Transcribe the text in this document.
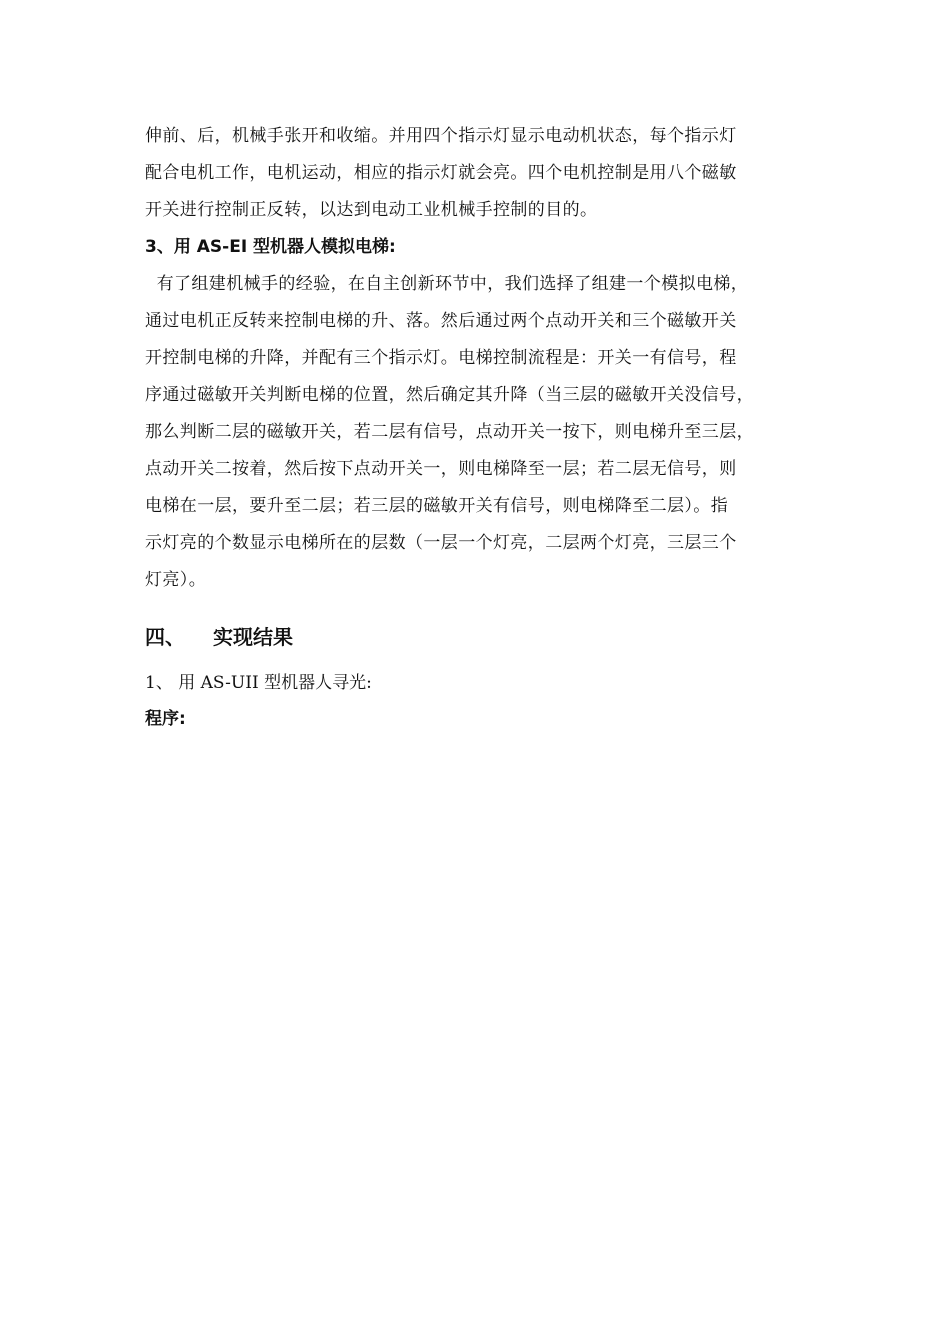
伸前、后，机械手张开和收缩。并用四个指示灯显示电动机状态，每个指示灯
配合电机工作，电机运动，相应的指示灯就会亮。四个电机控制是用八个磁敏
开关进行控制正反转，以达到电动工业机械手控制的目的。
3、用 AS-EI 型机器人模拟电梯:
有了组建机械手的经验，在自主创新环节中，我们选择了组建一个模拟电梯，
通过电机正反转来控制电梯的升、落。然后通过两个点动开关和三个磁敏开关
开控制电梯的升降，并配有三个指示灯。电梯控制流程是：开关一有信号，程
序通过磁敏开关判断电梯的位置，然后确定其升降（当三层的磁敏开关没信号，
那么判断二层的磁敏开关，若二层有信号，点动开关一按下，则电梯升至三层，
点动开关二按着，然后按下点动开关一，则电梯降至一层；若二层无信号，则
电梯在一层，要升至二层；若三层的磁敏开关有信号，则电梯降至二层）。指
示灯亮的个数显示电梯所在的层数（一层一个灯亮，二层两个灯亮，三层三个
灯亮）。
四、 实现结果
1、 用 AS-UII 型机器人寻光:
程序:
